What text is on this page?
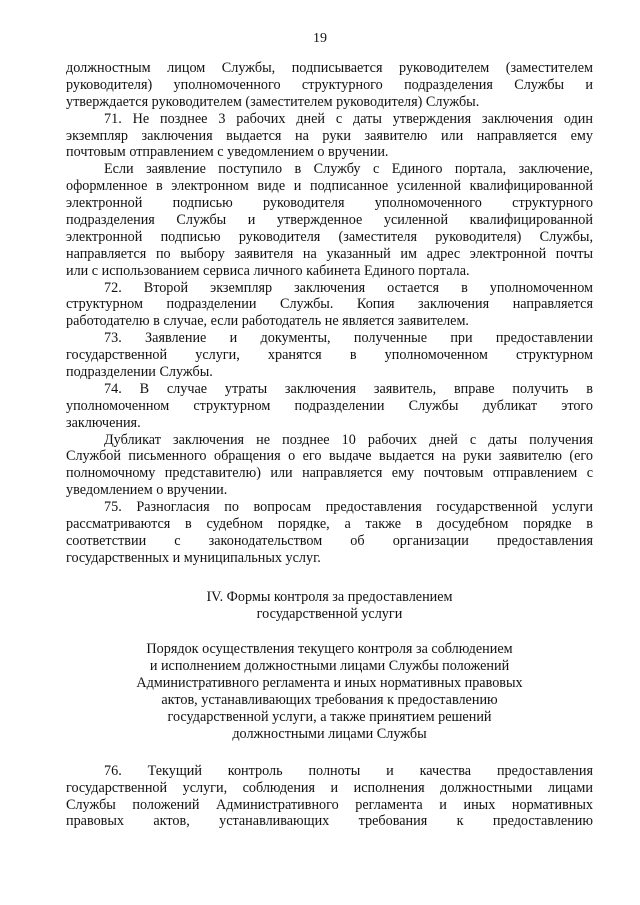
19
должностным лицом Службы, подписывается руководителем (заместителем
руководителя) уполномоченного структурного подразделения Службы и
утверждается руководителем (заместителем руководителя) Службы.
71. Не позднее 3 рабочих дней с даты утверждения заключения один
экземпляр заключения выдается на руки заявителю или направляется ему
почтовым отправлением с уведомлением о вручении.
Если заявление поступило в Службу с Единого портала, заключение,
оформленное в электронном виде и подписанное усиленной квалифицированной
электронной подписью руководителя уполномоченного структурного
подразделения Службы и утвержденное усиленной квалифицированной
электронной подписью руководителя (заместителя руководителя) Службы,
направляется по выбору заявителя на указанный им адрес электронной почты
или с использованием сервиса личного кабинета Единого портала.
72. Второй экземпляр заключения остается в уполномоченном
структурном подразделении Службы. Копия заключения направляется
работодателю в случае, если работодатель не является заявителем.
73. Заявление и документы, полученные при предоставлении
государственной услуги, хранятся в уполномоченном структурном
подразделении Службы.
74. В случае утраты заключения заявитель, вправе получить в
уполномоченном структурном подразделении Службы дубликат этого
заключения.
Дубликат заключения не позднее 10 рабочих дней с даты получения
Службой письменного обращения о его выдаче выдается на руки заявителю (его
полномочному представителю) или направляется ему почтовым отправлением с
уведомлением о вручении.
75. Разногласия по вопросам предоставления государственной услуги
рассматриваются в судебном порядке, а также в досудебном порядке в
соответствии с законодательством об организации предоставления
государственных и муниципальных услуг.
IV. Формы контроля за предоставлением
государственной услуги
Порядок осуществления текущего контроля за соблюдением
и исполнением должностными лицами Службы положений
Административного регламента и иных нормативных правовых
актов, устанавливающих требования к предоставлению
государственной услуги, а также принятием решений
должностными лицами Службы
76. Текущий контроль полноты и качества предоставления
государственной услуги, соблюдения и исполнения должностными лицами
Службы положений Административного регламента и иных нормативных
правовых актов, устанавливающих требования к предоставлению
